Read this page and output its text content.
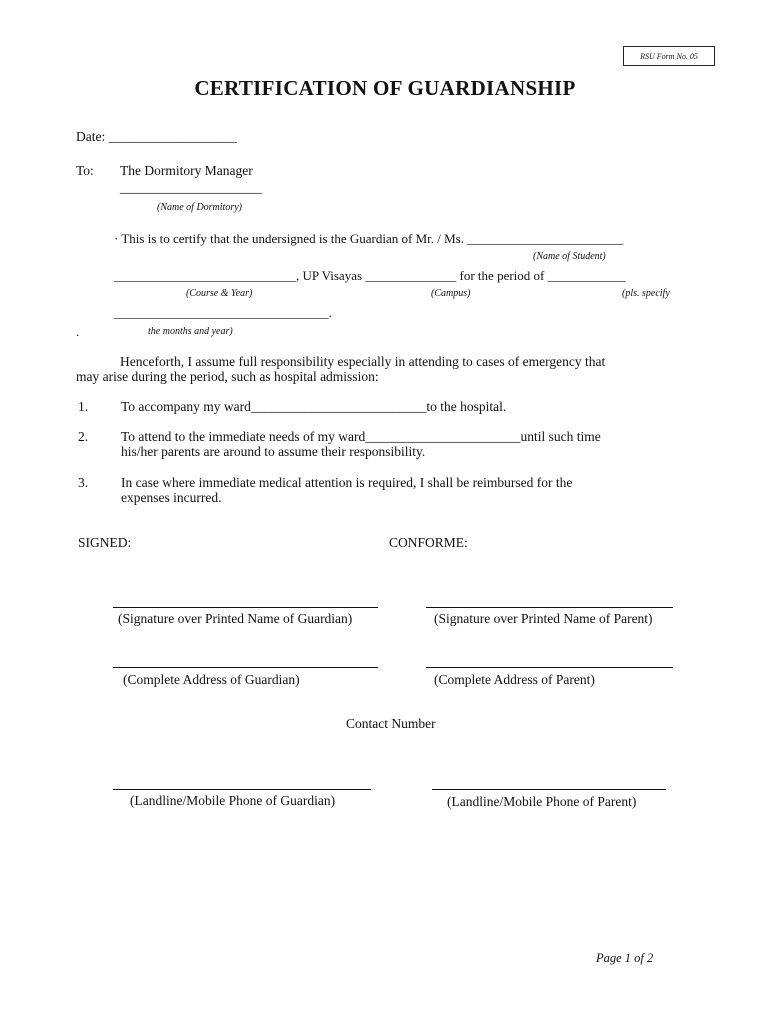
RSU Form No. 05
CERTIFICATION OF GUARDIANSHIP
Date: ___________________
To: The Dormitory Manager
_____________________
(Name of Dormitory)
· This is to certify that the undersigned is the Guardian of Mr. / Ms. ________________________
(Name of Student)
____________________________, UP Visayas ______________ for the period of ____________
(Course & Year)	(Campus)	(pls. specify
_________________________________.
.	the months and year)
Henceforth, I assume full responsibility especially in attending to cases of emergency that
may arise during the period, such as hospital admission:
1. To accompany my ward__________________________to the hospital.
2. To attend to the immediate needs of my ward_______________________until such time
his/her parents are around to assume their responsibility.
3. In case where immediate medical attention is required, I shall be reimbursed for the
expenses incurred.
SIGNED:	CONFORME:
(Signature over Printed Name of Guardian)	(Signature over Printed Name of Parent)
(Complete Address of Guardian)	(Complete Address of Parent)
Contact Number
(Landline/Mobile Phone of Guardian)	(Landline/Mobile Phone of Parent)
Page 1 of 2
